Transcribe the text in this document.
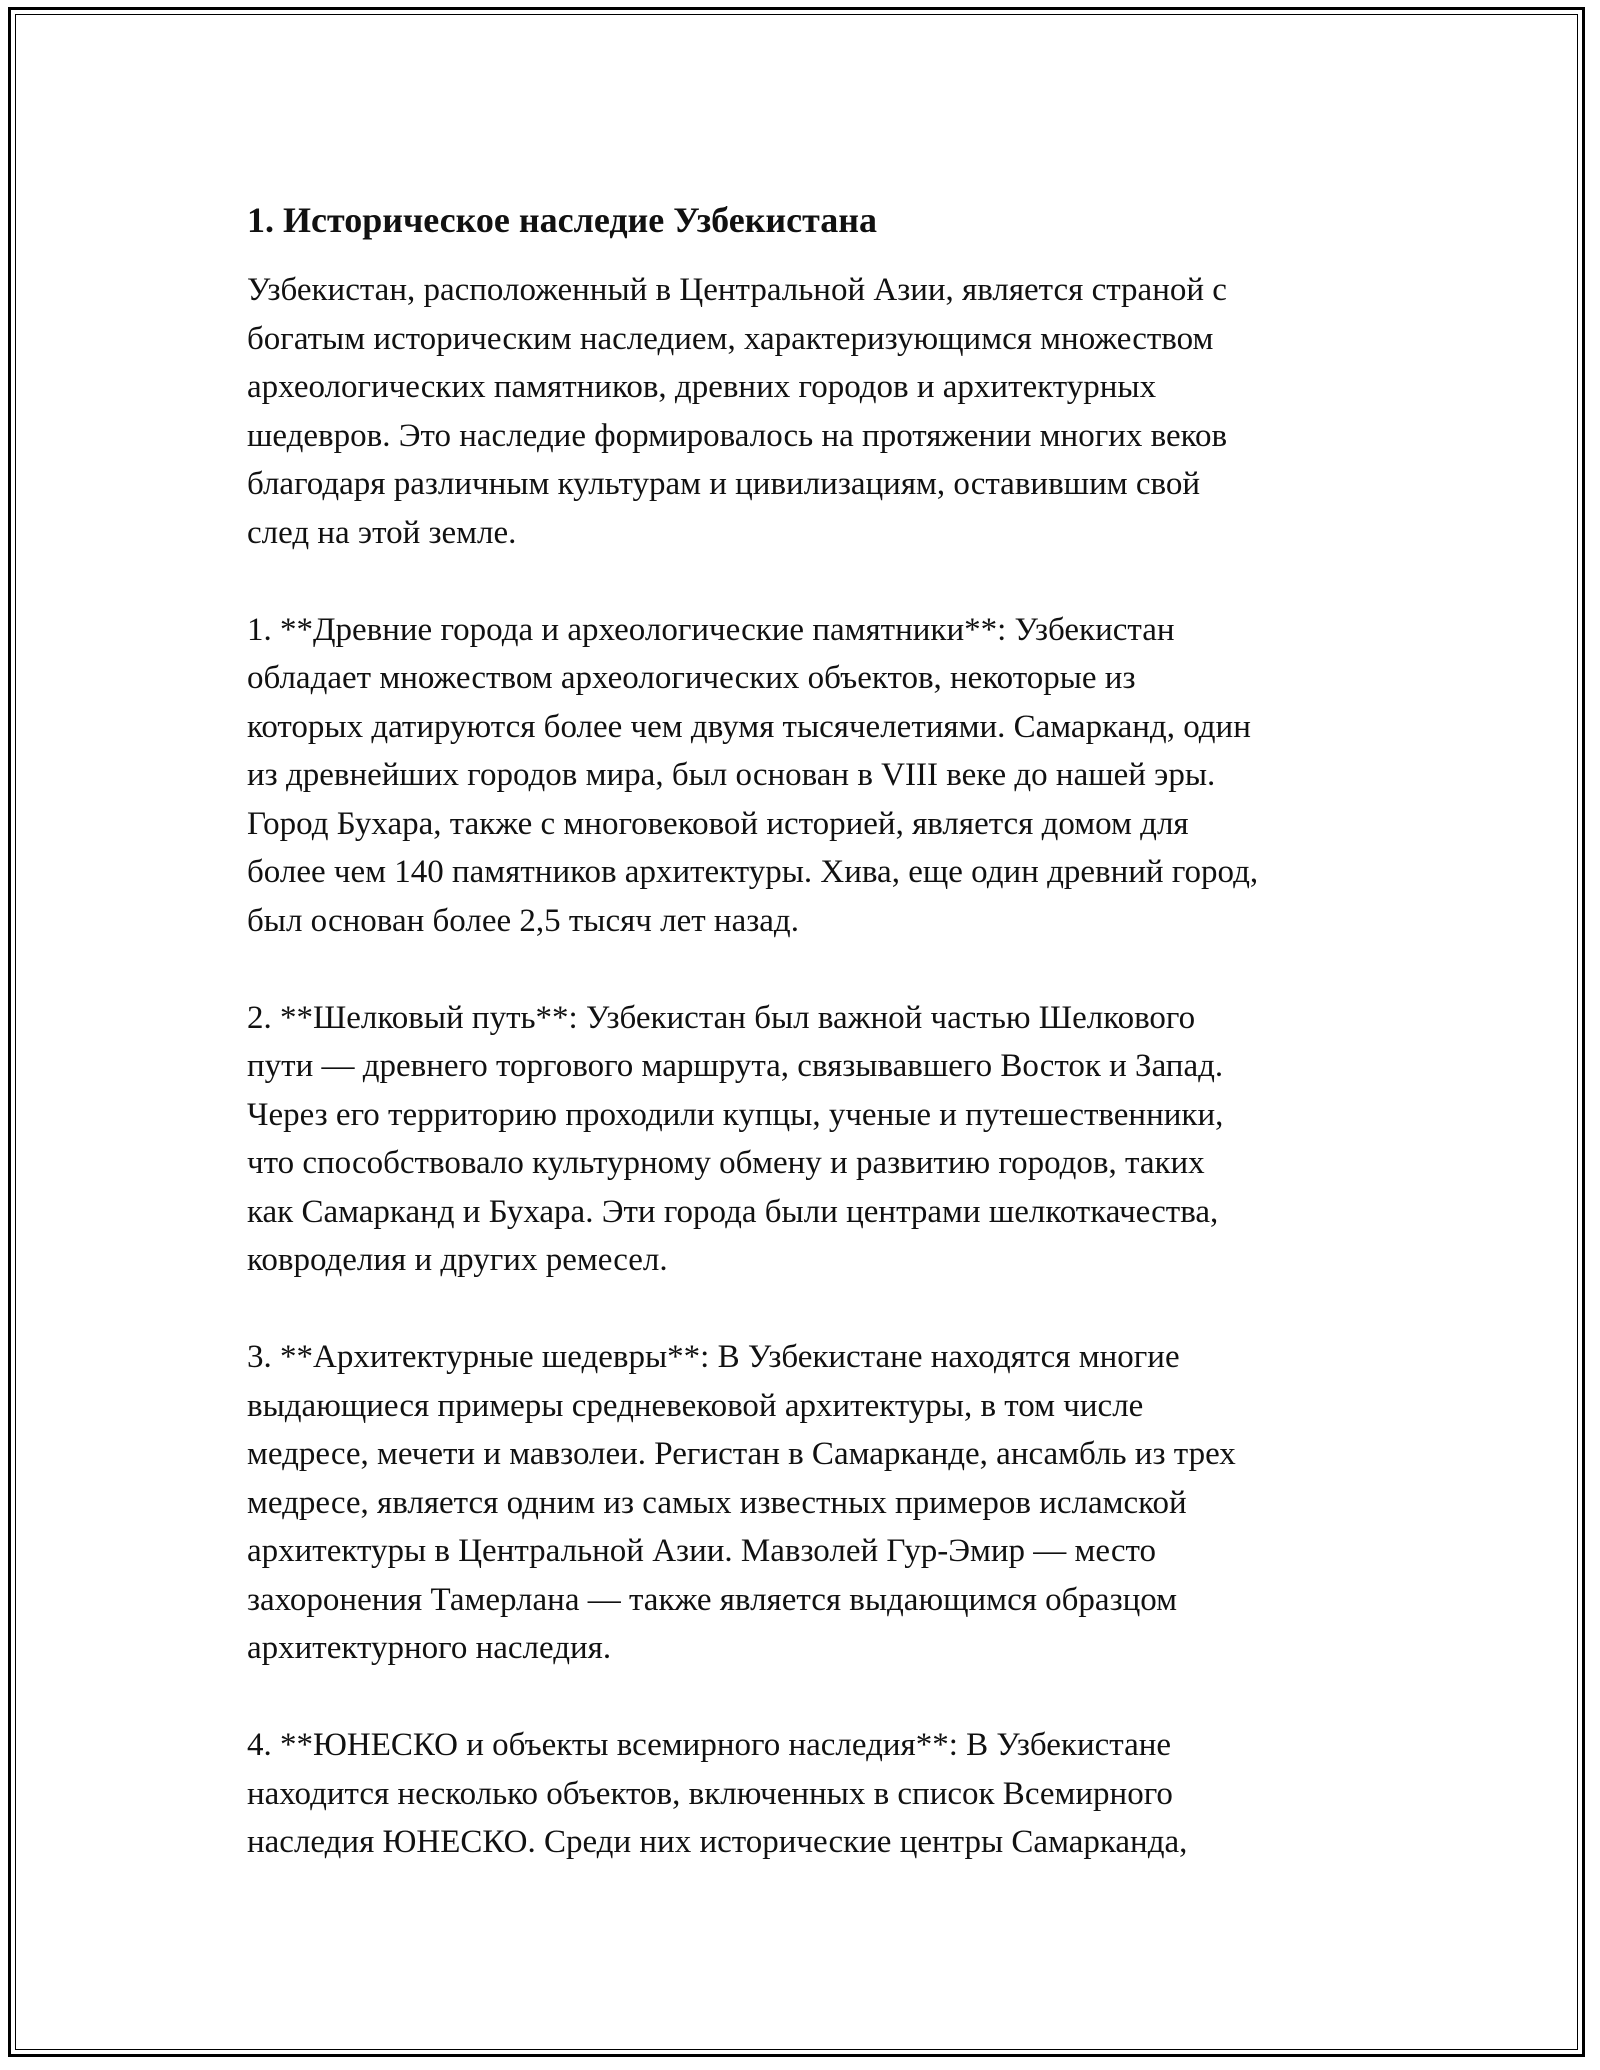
1. Историческое наследие Узбекистана

Узбекистан, расположенный в Центральной Азии, является страной с
богатым историческим наследием, характеризующимся множеством
археологических памятников, древних городов и архитектурных
шедевров. Это наследие формировалось на протяжении многих веков
благодаря различным культурам и цивилизациям, оставившим свой
след на этой земле.

1. **Древние города и археологические памятники**: Узбекистан
обладает множеством археологических объектов, некоторые из
которых датируются более чем двумя тысячелетиями. Самарканд, один
из древнейших городов мира, был основан в VIII веке до нашей эры.
Город Бухара, также с многовековой историей, является домом для
более чем 140 памятников архитектуры. Хива, еще один древний город,
был основан более 2,5 тысяч лет назад.

2. **Шелковый путь**: Узбекистан был важной частью Шелкового
пути — древнего торгового маршрута, связывавшего Восток и Запад.
Через его территорию проходили купцы, ученые и путешественники,
что способствовало культурному обмену и развитию городов, таких
как Самарканд и Бухара. Эти города были центрами шелкоткачества,
ковроделия и других ремесел.

3. **Архитектурные шедевры**: В Узбекистане находятся многие
выдающиеся примеры средневековой архитектуры, в том числе
медресе, мечети и мавзолеи. Регистан в Самарканде, ансамбль из трех
медресе, является одним из самых известных примеров исламской
архитектуры в Центральной Азии. Мавзолей Гур-Эмир — место
захоронения Тамерлана — также является выдающимся образцом
архитектурного наследия.

4. **ЮНЕСКО и объекты всемирного наследия**: В Узбекистане
находится несколько объектов, включенных в список Всемирного
наследия ЮНЕСКО. Среди них исторические центры Самарканда,
